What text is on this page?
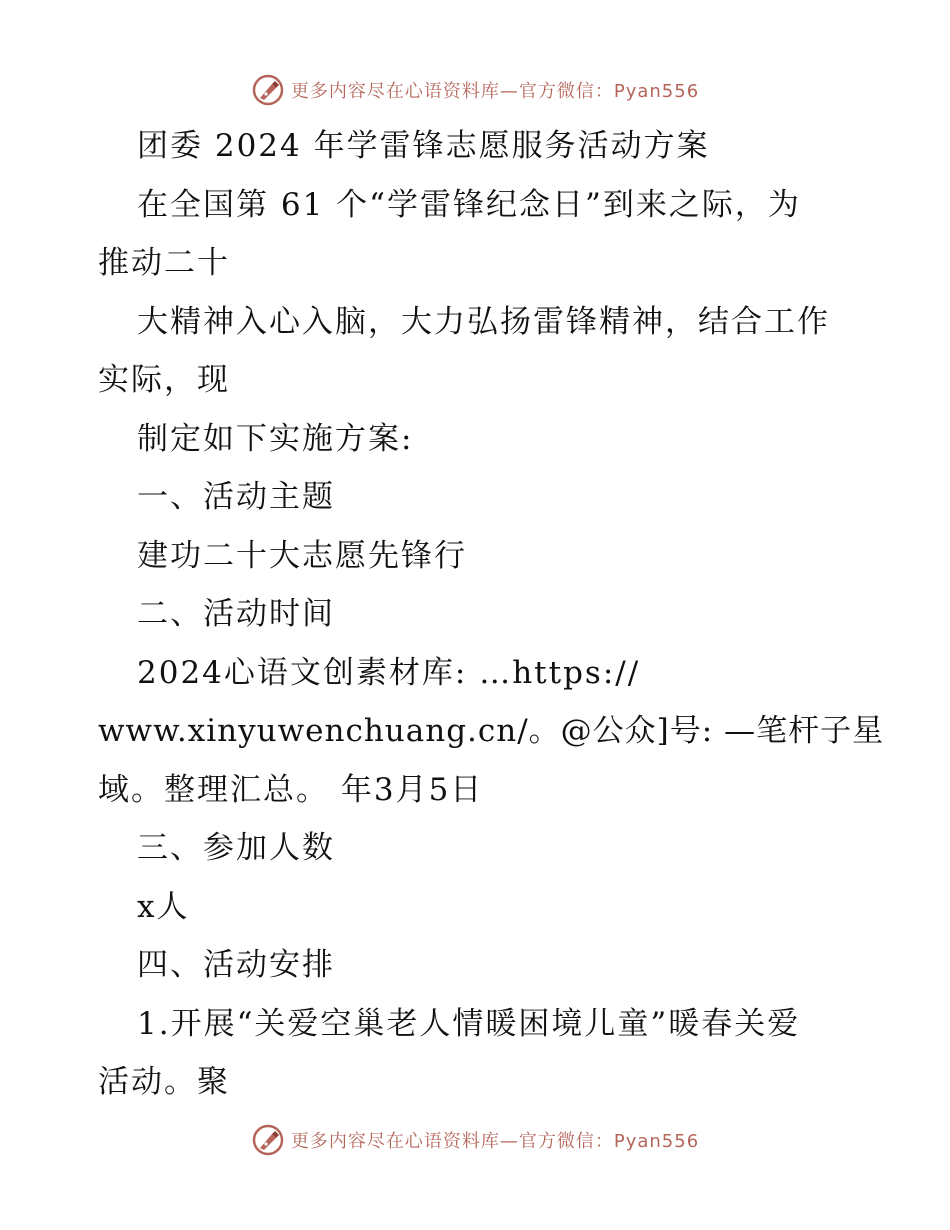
更多内容尽在心语资料库—官方微信：Pyan556
团委 2024 年学雷锋志愿服务活动方案
在全国第 61 个“学雷锋纪念日”到来之际，为
推动二十
大精神入心入脑，大力弘扬雷锋精神，结合工作
实际，现
制定如下实施方案:
一、活动主题
建功二十大志愿先锋行
二、活动时间
2024心语文创素材库: …https://
www.xinyuwenchuang.cn/。@公众]号: —笔杆子星
域。整理汇总。 年3月5日
三、参加人数
x人
四、活动安排
1.开展“关爱空巢老人情暖困境儿童”暖春关爱
活动。聚
更多内容尽在心语资料库—官方微信：Pyan556
